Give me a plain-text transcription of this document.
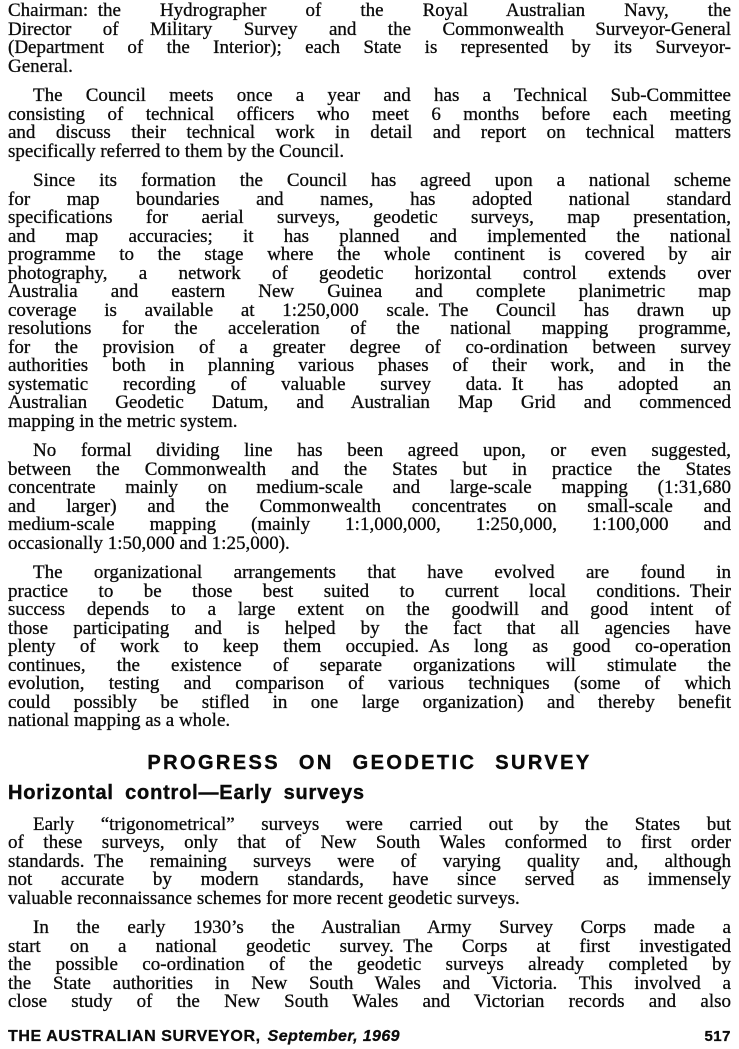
Chairman: the Hydrographer of the Royal Australian Navy, the
Director of Military Survey and the Commonwealth Surveyor-General
(Department of the Interior); each State is represented by its Surveyor-
General.
The Council meets once a year and has a Technical Sub-Committee
consisting of technical officers who meet 6 months before each meeting
and discuss their technical work in detail and report on technical matters
specifically referred to them by the Council.
Since its formation the Council has agreed upon a national scheme
for map boundaries and names, has adopted national standard
specifications for aerial surveys, geodetic surveys, map presentation,
and map accuracies; it has planned and implemented the national
programme to the stage where the whole continent is covered by air
photography, a network of geodetic horizontal control extends over
Australia and eastern New Guinea and complete planimetric map
coverage is available at 1:250,000 scale. The Council has drawn up
resolutions for the acceleration of the national mapping programme,
for the provision of a greater degree of co-ordination between survey
authorities both in planning various phases of their work, and in the
systematic recording of valuable survey data. It has adopted an
Australian Geodetic Datum, and Australian Map Grid and commenced
mapping in the metric system.
No formal dividing line has been agreed upon, or even suggested,
between the Commonwealth and the States but in practice the States
concentrate mainly on medium-scale and large-scale mapping (1:31,680
and larger) and the Commonwealth concentrates on small-scale and
medium-scale mapping (mainly 1:1,000,000, 1:250,000, 1:100,000 and
occasionally 1:50,000 and 1:25,000).
The organizational arrangements that have evolved are found in
practice to be those best suited to current local conditions. Their
success depends to a large extent on the goodwill and good intent of
those participating and is helped by the fact that all agencies have
plenty of work to keep them occupied. As long as good co-operation
continues, the existence of separate organizations will stimulate the
evolution, testing and comparison of various techniques (some of which
could possibly be stifled in one large organization) and thereby benefit
national mapping as a whole.
PROGRESS ON GEODETIC SURVEY
Horizontal control—Early surveys
Early “trigonometrical” surveys were carried out by the States but
of these surveys, only that of New South Wales conformed to first order
standards. The remaining surveys were of varying quality and, although
not accurate by modern standards, have since served as immensely
valuable reconnaissance schemes for more recent geodetic surveys.
In the early 1930’s the Australian Army Survey Corps made a
start on a national geodetic survey. The Corps at first investigated
the possible co-ordination of the geodetic surveys already completed by
the State authorities in New South Wales and Victoria. This involved a
close study of the New South Wales and Victorian records and also
THE AUSTRALIAN SURVEYOR, September, 1969	517
